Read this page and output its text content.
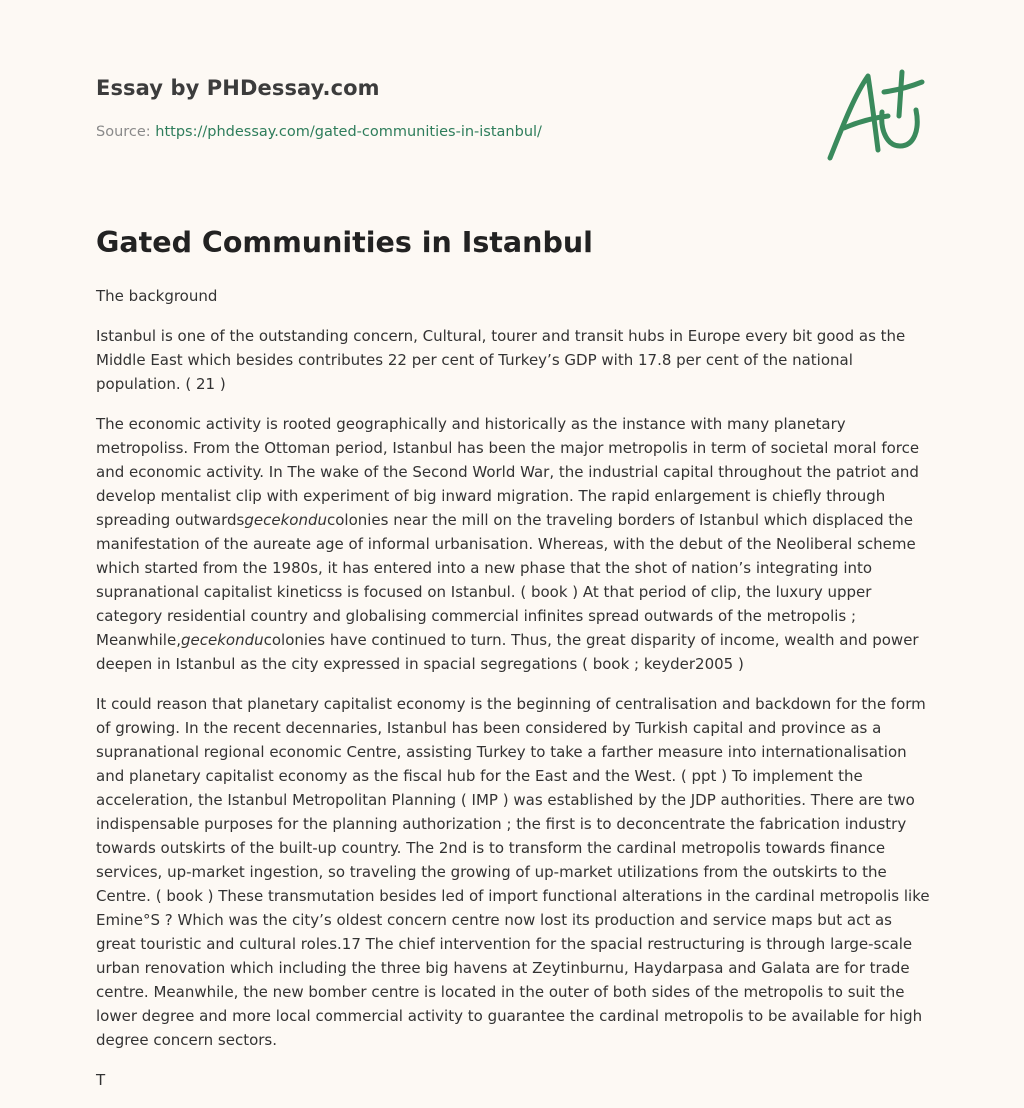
Essay by PHDessay.com
Source: https://phdessay.com/gated-communities-in-istanbul/
Gated Communities in Istanbul

The background

Istanbul is one of the outstanding concern, Cultural, tourer and transit hubs in Europe every bit good as the Middle East which besides contributes 22 per cent of Turkey’s GDP with 17.8 per cent of the national population. ( 21 )

The economic activity is rooted geographically and historically as the instance with many planetary metropoliss. From the Ottoman period, Istanbul has been the major metropolis in term of societal moral force and economic activity. In The wake of the Second World War, the industrial capital throughout the patriot and develop mentalist clip with experiment of big inward migration. The rapid enlargement is chiefly through spreading outwardsgecekonducolonies near the mill on the traveling borders of Istanbul which displaced the manifestation of the aureate age of informal urbanisation. Whereas, with the debut of the Neoliberal scheme which started from the 1980s, it has entered into a new phase that the shot of nation’s integrating into supranational capitalist kineticss is focused on Istanbul. ( book ) At that period of clip, the luxury upper category residential country and globalising commercial infinites spread outwards of the metropolis ; Meanwhile,gecekonducolonies have continued to turn. Thus, the great disparity of income, wealth and power deepen in Istanbul as the city expressed in spacial segregations ( book ; keyder2005 )

It could reason that planetary capitalist economy is the beginning of centralisation and backdown for the form of growing. In the recent decennaries, Istanbul has been considered by Turkish capital and province as a supranational regional economic Centre, assisting Turkey to take a farther measure into internationalisation and planetary capitalist economy as the fiscal hub for the East and the West. ( ppt ) To implement the acceleration, the Istanbul Metropolitan Planning ( IMP ) was established by the JDP authorities. There are two indispensable purposes for the planning authorization ; the first is to deconcentrate the fabrication industry towards outskirts of the built-up country. The 2nd is to transform the cardinal metropolis towards finance services, up-market ingestion, so traveling the growing of up-market utilizations from the outskirts to the Centre. ( book ) These transmutation besides led of import functional alterations in the cardinal metropolis like Emine°S ? Which was the city’s oldest concern centre now lost its production and service maps but act as great touristic and cultural roles.17 The chief intervention for the spacial restructuring is through large-scale urban renovation which including the three big havens at Zeytinburnu, Haydarpasa and Galata are for trade centre. Meanwhile, the new bomber centre is located in the outer of both sides of the metropolis to suit the lower degree and more local commercial activity to guarantee the cardinal metropolis to be available for high degree concern sectors.

T
